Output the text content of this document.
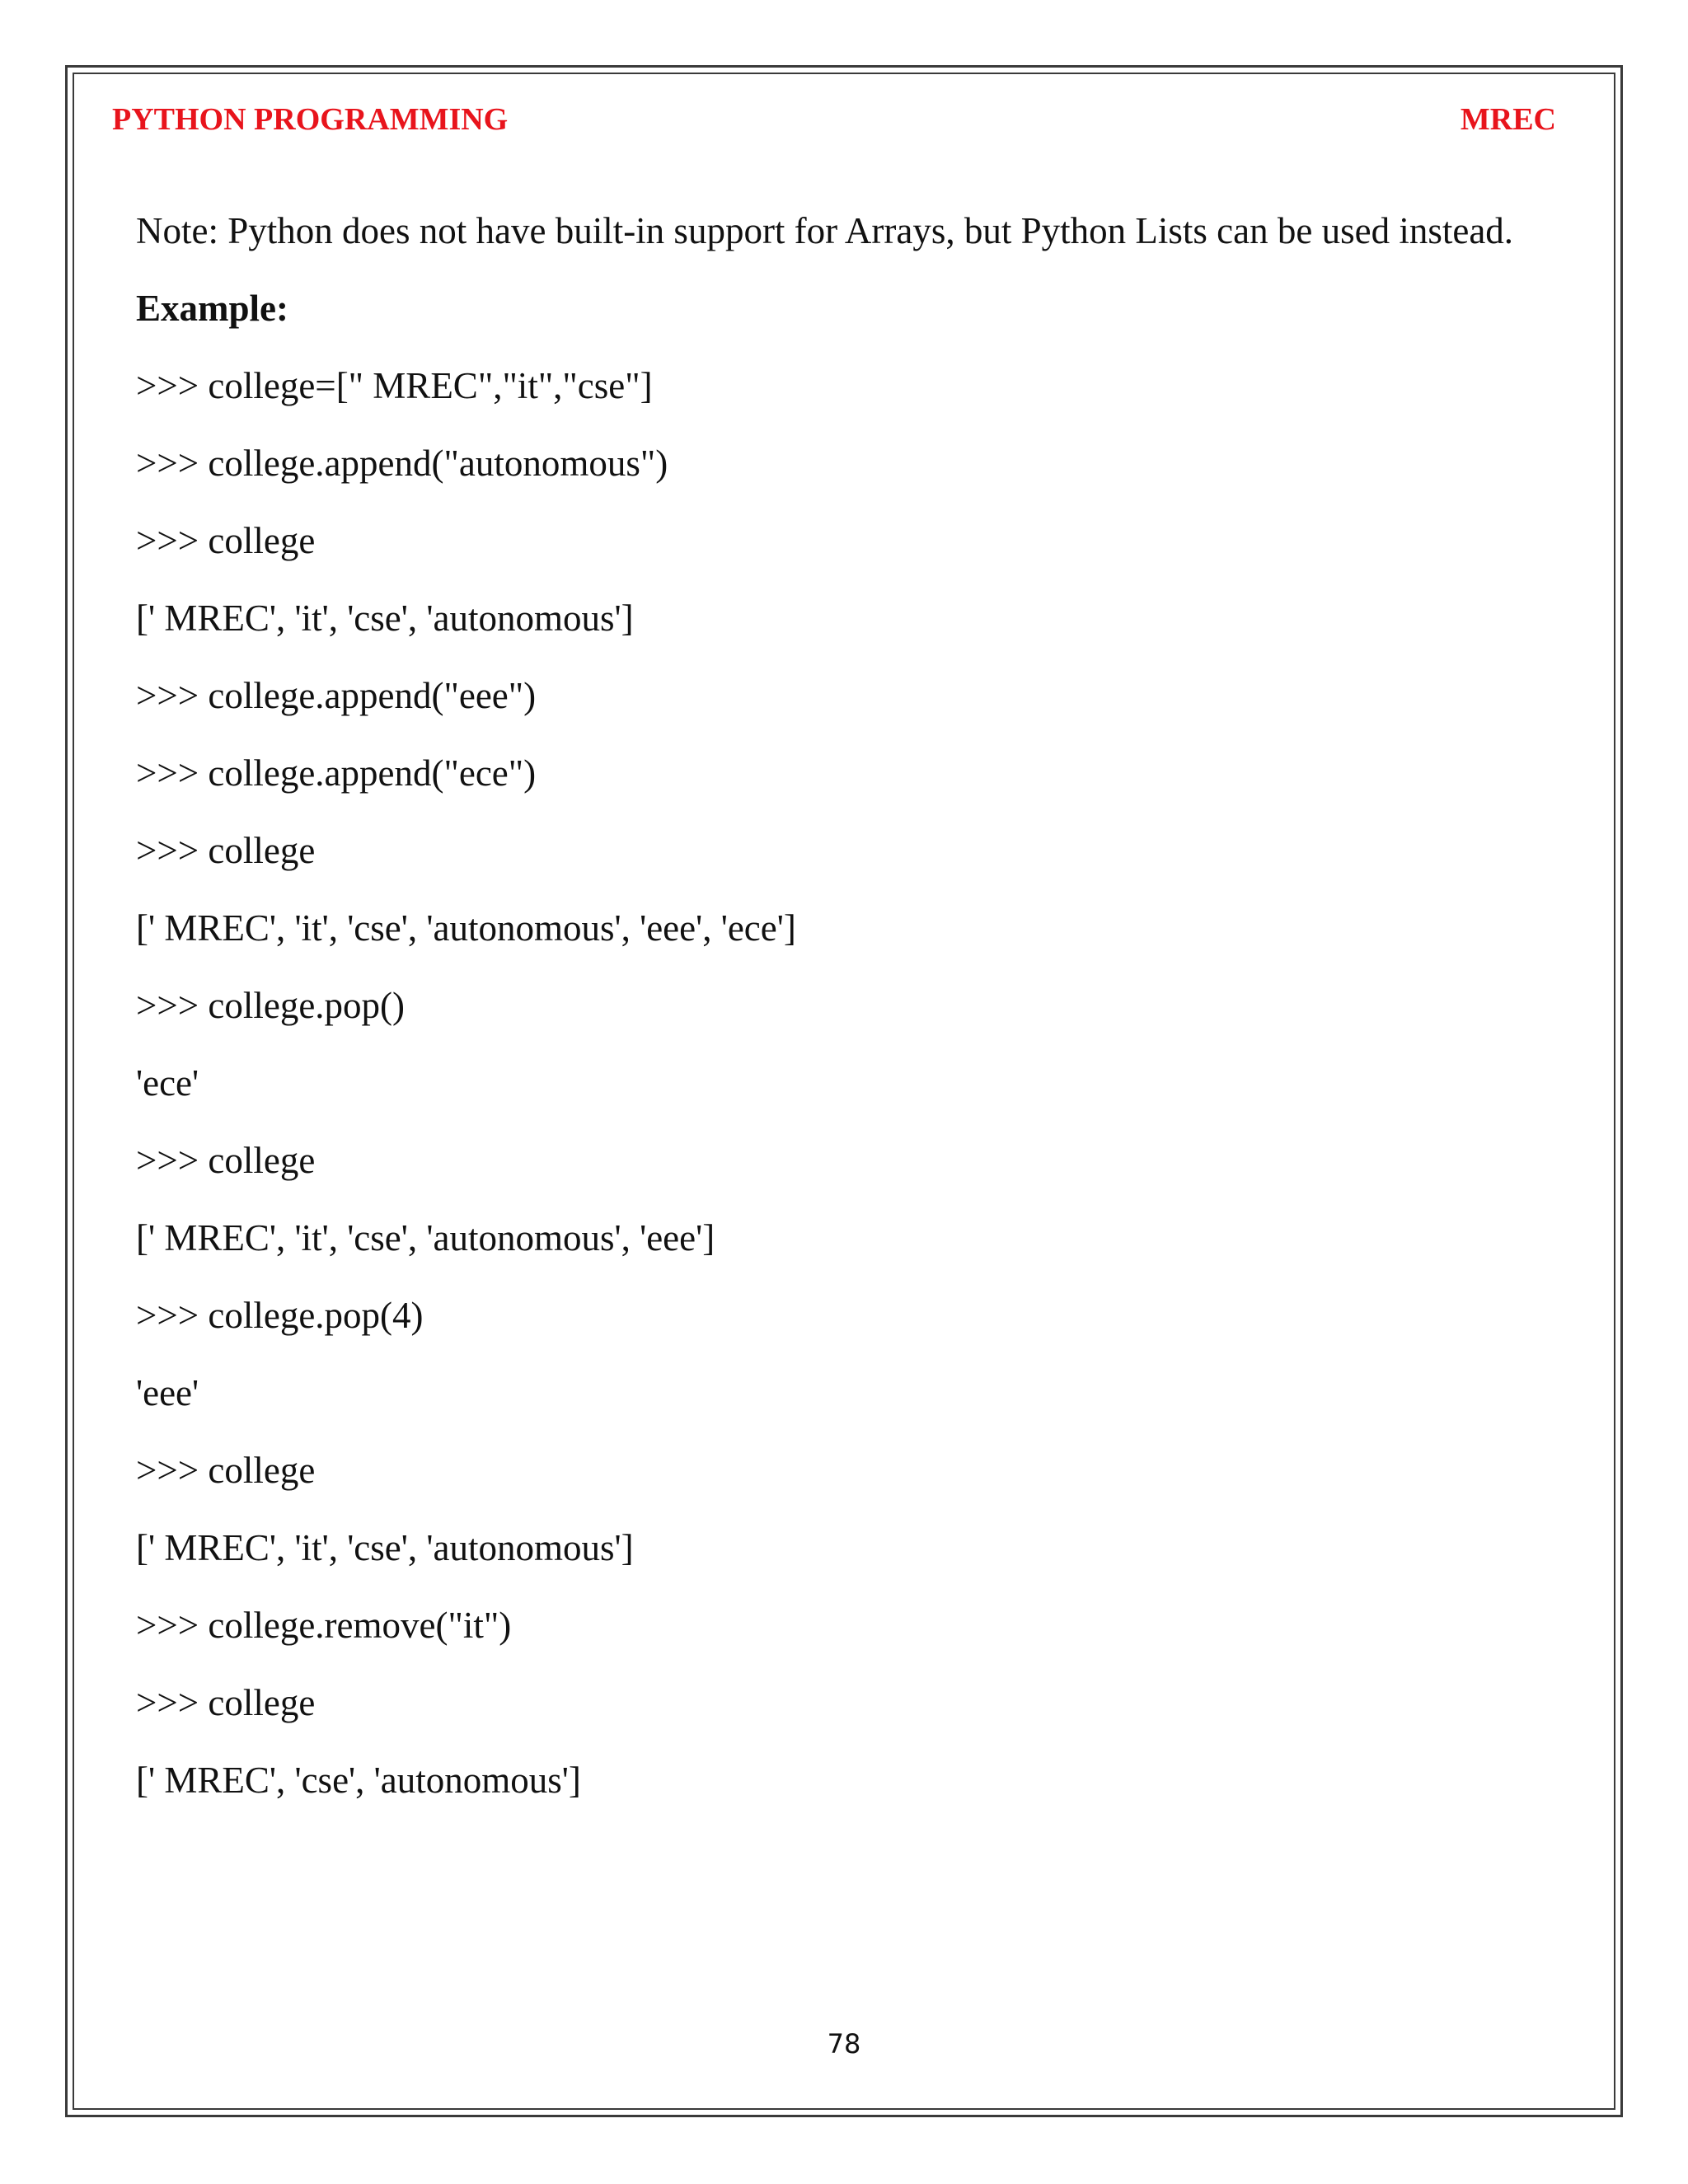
PYTHON PROGRAMMING	MREC
Note: Python does not have built-in support for Arrays, but Python Lists can be used instead.
Example:
>>> college=[" MREC","it","cse"]
>>> college.append("autonomous")
>>> college
[' MREC', 'it', 'cse', 'autonomous']
>>> college.append("eee")
>>> college.append("ece")
>>> college
[' MREC', 'it', 'cse', 'autonomous', 'eee', 'ece']
>>> college.pop()
'ece'
>>> college
[' MREC', 'it', 'cse', 'autonomous', 'eee']
>>> college.pop(4)
'eee'
>>> college
[' MREC', 'it', 'cse', 'autonomous']
>>> college.remove("it")
>>> college
[' MREC', 'cse', 'autonomous']
78
